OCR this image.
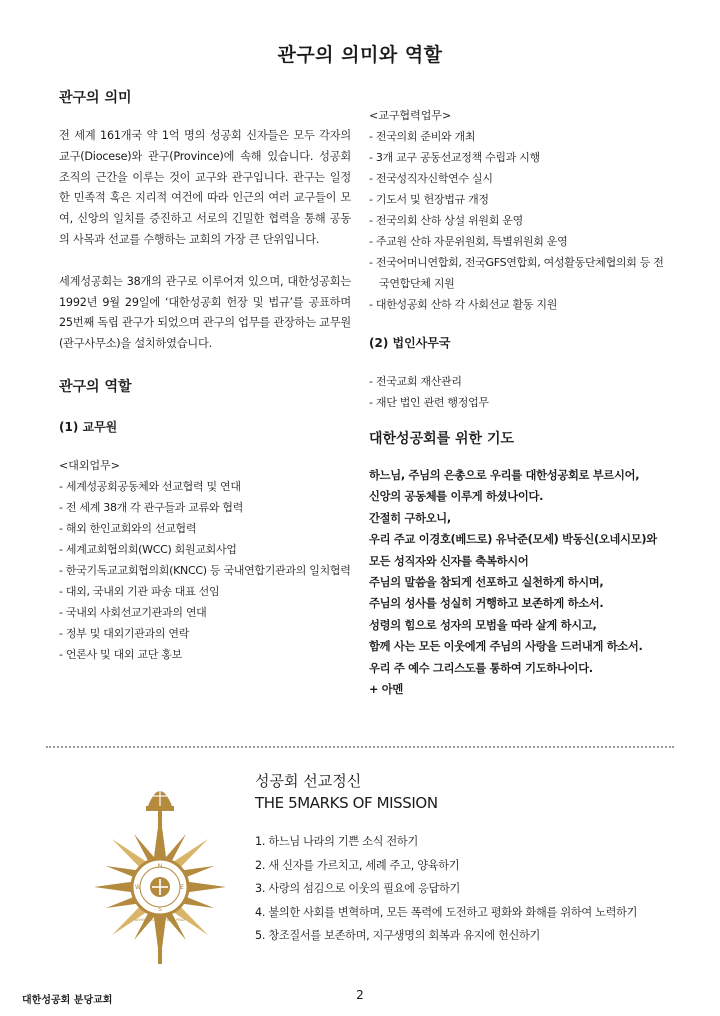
관구의 의미와 역할
관구의 의미

전 세계 161개국 약 1억 명의 성공회 신자들은 모두 각자의 교구(Diocese)와 관구(Province)에 속해 있습니다. 성공회 조직의 근간을 이루는 것이 교구와 관구입니다. 관구는 일정한 민족적 혹은 지리적 여건에 따라 인근의 여러 교구들이 모여, 신앙의 일치를 증진하고 서로의 긴밀한 협력을 통해 공동의 사목과 선교를 수행하는 교회의 가장 큰 단위입니다.

세계성공회는 38개의 관구로 이루어져 있으며, 대한성공회는 1992년 9월 29일에 ‘대한성공회 헌장 및 법규’를 공표하며 25번째 독립 관구가 되었으며 관구의 업무를 관장하는 교무원(관구사무소)을 설치하였습니다.

관구의 역할
(1) 교무원
<대외업무>
- 세계성공회공동체와 선교협력 및 연대
- 전 세계 38개 각 관구들과 교류와 협력
- 해외 한인교회와의 선교협력
- 세계교회협의회(WCC) 회원교회사업
- 한국기독교교회협의회(KNCC) 등 국내연합기관과의 일치협력
- 대외, 국내외 기관 파송 대표 선임
- 국내외 사회선교기관과의 연대
- 정부 및 대외기관과의 연락
- 언론사 및 대외 교단 홍보
<교구협력업무>
- 전국의회 준비와 개최
- 3개 교구 공동선교정책 수립과 시행
- 전국성직자신학연수 실시
- 기도서 및 헌장법규 개정
- 전국의회 산하 상설 위원회 운영
- 주교원 산하 자문위원회, 특별위원회 운영
- 전국어머니연합회, 전국GFS연합회, 여성활동단체협의회 등 전국연합단체 지원
- 대한성공회 산하 각 사회선교 활동 지원
(2) 법인사무국
- 전국교회 재산관리
- 재단 법인 관련 행정업무
대한성공회를 위한 기도
하느님, 주님의 은총으로 우리를 대한성공회로 부르시어,
신앙의 공동체를 이루게 하셨나이다.
간절히 구하오니,
우리 주교 이경호(베드로) 유낙준(모세) 박동신(오네시모)와
모든 성직자와 신자를 축복하시어
주님의 말씀을 참되게 선포하고 실천하게 하시며,
주님의 성사를 성실히 거행하고 보존하게 하소서.
성령의 힘으로 성자의 모범을 따라 살게 하시고,
함께 사는 모든 이웃에게 주님의 사랑을 드러내게 하소서.
우리 주 예수 그리스도를 통하여 기도하나이다.
+ 아멘
N
S
E
W
ΑΛΗΘΕΙΑ ΕΛΕΥΘΕΡΩΣΕΙ ΥΜΑΣ
성공회 선교정신
THE 5MARKS OF MISSION
1. 하느님 나라의 기쁜 소식 전하기
2. 새 신자를 가르치고, 세례 주고, 양육하기
3. 사랑의 섬김으로 이웃의 필요에 응답하기
4. 불의한 사회를 변혁하며, 모든 폭력에 도전하고 평화와 화해를 위하여 노력하기
5. 창조질서를 보존하며, 지구생명의 회복과 유지에 헌신하기
대한성공회 분당교회	2
